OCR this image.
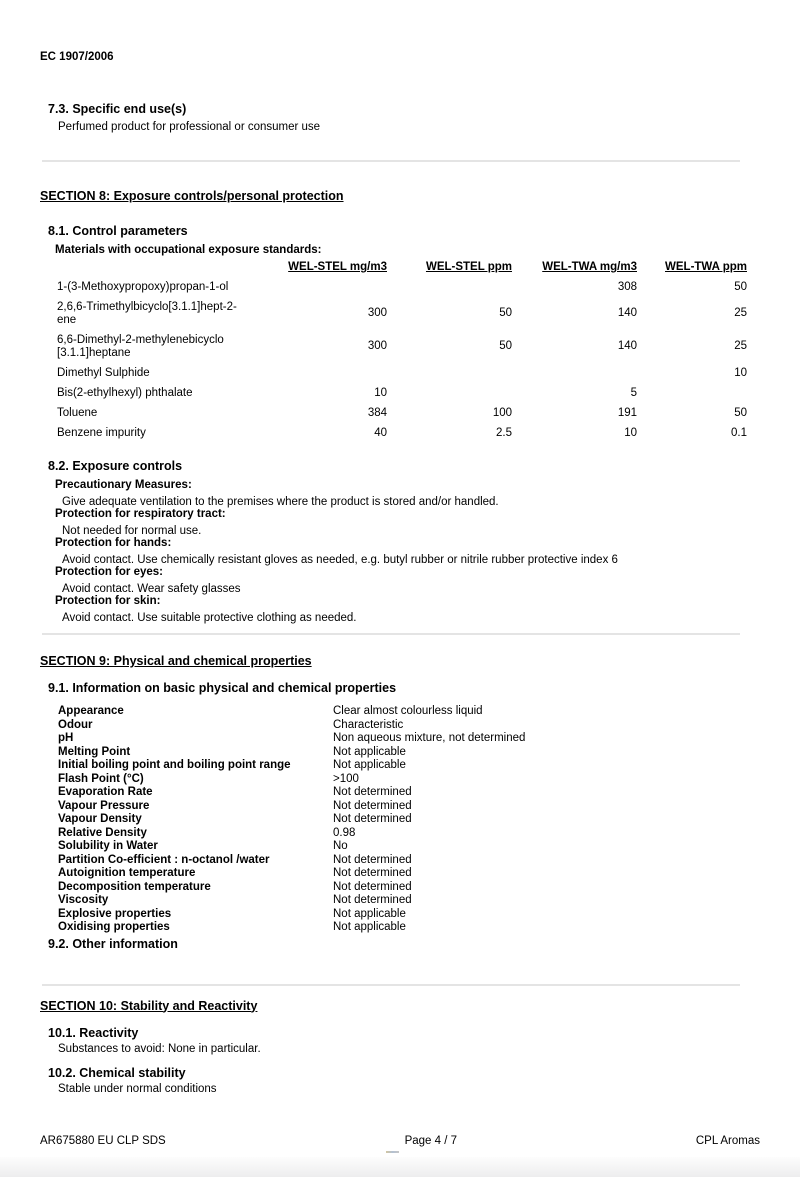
EC 1907/2006
7.3. Specific end use(s)
Perfumed product for professional or consumer use
SECTION 8: Exposure controls/personal protection
8.1. Control parameters
Materials with occupational exposure standards:
	WEL-STEL mg/m3	WEL-STEL ppm	WEL-TWA mg/m3	WEL-TWA ppm
1-(3-Methoxypropoxy)propan-1-ol			308	50
2,6,6-Trimethylbicyclo[3.1.1]hept-2-ene	300	50	140	25
6,6-Dimethyl-2-methylenebicyclo [3.1.1]heptane	300	50	140	25
Dimethyl Sulphide				10
Bis(2-ethylhexyl) phthalate	10		5	
Toluene	384	100	191	50
Benzene impurity	40	2.5	10	0.1
8.2. Exposure controls
Precautionary Measures:
Give adequate ventilation to the premises where the product is stored and/or handled.
Protection for respiratory tract:
Not needed for normal use.
Protection for hands:
Avoid contact. Use chemically resistant gloves as needed, e.g. butyl rubber or nitrile rubber protective index 6
Protection for eyes:
Avoid contact. Wear safety glasses
Protection for skin:
Avoid contact. Use suitable protective clothing as needed.
SECTION 9: Physical and chemical properties
9.1. Information on basic physical and chemical properties
Appearance	Clear almost colourless liquid
Odour	Characteristic
pH	Non aqueous mixture, not determined
Melting Point	Not applicable
Initial boiling point and boiling point range	Not applicable
Flash Point (°C)	>100
Evaporation Rate	Not determined
Vapour Pressure	Not determined
Vapour Density	Not determined
Relative Density	0.98
Solubility in Water	No
Partition Co-efficient : n-octanol /water	Not determined
Autoignition temperature	Not determined
Decomposition temperature	Not determined
Viscosity	Not determined
Explosive properties	Not applicable
Oxidising properties	Not applicable
9.2. Other information
SECTION 10: Stability and Reactivity
10.1. Reactivity
Substances to avoid: None in particular.
10.2. Chemical stability
Stable under normal conditions
AR675880 EU CLP SDS	Page 4 / 7	CPL Aromas
